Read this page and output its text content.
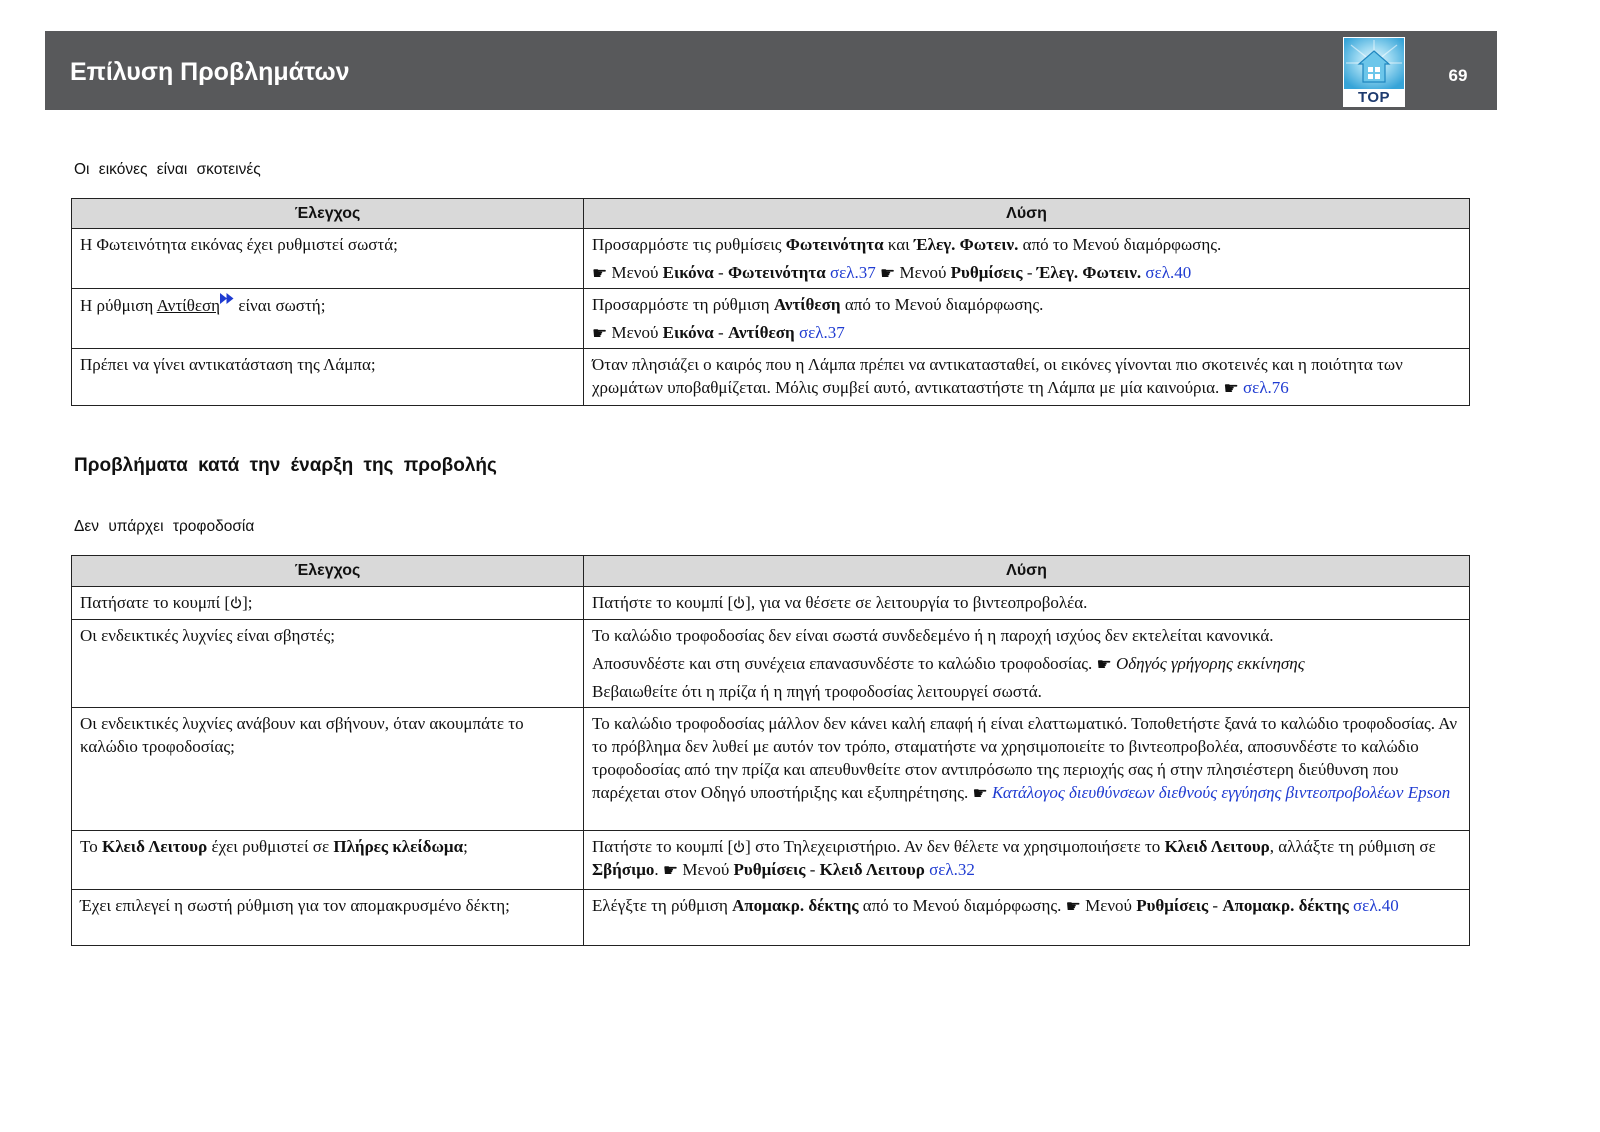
Επίλυση Προβλημάτων
TOP
69
Οι εικόνες είναι σκοτεινές
Έλεγχος	Λύση

Η Φωτεινότητα εικόνας έχει ρυθμιστεί σωστά;	Προσαρμόστε τις ρυθμίσεις Φωτεινότητα και Έλεγ. Φωτειν. από το Μενού διαμόρφωσης.
☛ Μενού Εικόνα - Φωτεινότητα σελ.37 ☛ Μενού Ρυθμίσεις - Έλεγ. Φωτειν. σελ.40

Η ρύθμιση Αντίθεση είναι σωστή;	Προσαρμόστε τη ρύθμιση Αντίθεση από το Μενού διαμόρφωσης.
☛ Μενού Εικόνα - Αντίθεση σελ.37

Πρέπει να γίνει αντικατάσταση της Λάμπα;	Όταν πλησιάζει ο καιρός που η Λάμπα πρέπει να αντικατασταθεί, οι εικόνες γίνονται πιο σκοτεινές και η ποιότητα των χρωμάτων υποβαθμίζεται. Μόλις συμβεί αυτό, αντικαταστήστε τη Λάμπα με μία καινούρια. ☛ σελ.76
Προβλήματα κατά την έναρξη της προβολής
Δεν υπάρχει τροφοδοσία
Έλεγχος	Λύση

Πατήσατε το κουμπί [ ];	Πατήστε το κουμπί [ ], για να θέσετε σε λειτουργία το βιντεοπροβολέα.

Οι ενδεικτικές λυχνίες είναι σβηστές;	Το καλώδιο τροφοδοσίας δεν είναι σωστά συνδεδεμένο ή η παροχή ισχύος δεν εκτελείται κανονικά.
Αποσυνδέστε και στη συνέχεια επανασυνδέστε το καλώδιο τροφοδοσίας. ☛ Οδηγός γρήγορης εκκίνησης
Βεβαιωθείτε ότι η πρίζα ή η πηγή τροφοδοσίας λειτουργεί σωστά.

Οι ενδεικτικές λυχνίες ανάβουν και σβήνουν, όταν ακουμπάτε το καλώδιο τροφοδοσίας;	Το καλώδιο τροφοδοσίας μάλλον δεν κάνει καλή επαφή ή είναι ελαττωματικό. Τοποθετήστε ξανά το καλώδιο τροφοδοσίας. Αν το πρόβλημα δεν λυθεί με αυτόν τον τρόπο, σταματήστε να χρησιμοποιείτε το βιντεοπροβολέα, αποσυνδέστε το καλώδιο τροφοδοσίας από την πρίζα και απευθυνθείτε στον αντιπρόσωπο της περιοχής σας ή στην πλησιέστερη διεύθυνση που παρέχεται στον Οδηγό υποστήριξης και εξυπηρέτησης. ☛ Κατάλογος διευθύνσεων διεθνούς εγγύησης βιντεοπροβολέων Epson

Το Κλειδ Λειτουρ έχει ρυθμιστεί σε Πλήρες κλείδωμα;	Πατήστε το κουμπί [ ] στο Τηλεχειριστήριο. Αν δεν θέλετε να χρησιμοποιήσετε το Κλειδ Λειτουρ, αλλάξτε τη ρύθμιση σε Σβήσιμο. ☛ Μενού Ρυθμίσεις - Κλειδ Λειτουρ σελ.32

Έχει επιλεγεί η σωστή ρύθμιση για τον απομακρυσμένο δέκτη;	Ελέγξτε τη ρύθμιση Απομακρ. δέκτης από το Μενού διαμόρφωσης. ☛ Μενού Ρυθμίσεις - Απομακρ. δέκτης σελ.40
